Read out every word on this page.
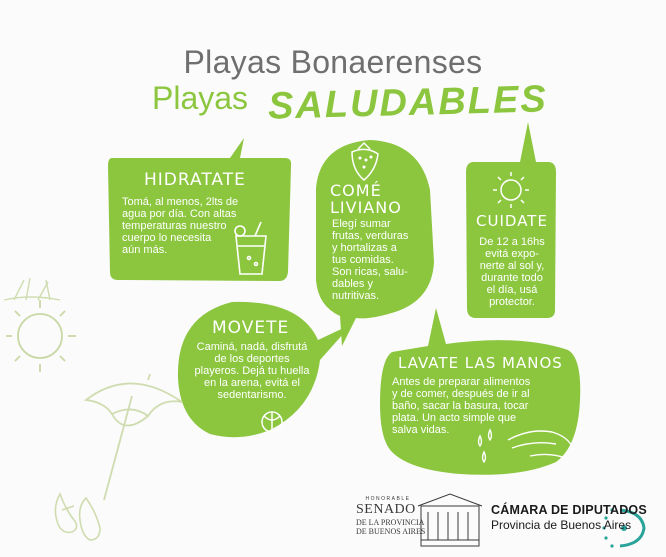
Playas Bonaerenses
Playas SALUDABLES
HIDRATATE
Tomá, al menos, 2lts de
agua por día. Con altas
temperaturas nuestro
cuerpo lo necesita
aún más.
COMÉ
LIVIANO
Elegí sumar
frutas, verduras
y hortalizas a
tus comidas.
Son ricas, salu-
dables y
nutritivas.
CUIDATE
De 12 a 16hs
evitá expo-
nerte al sol y,
durante todo
el día, usá
protector.
MOVETE
Caminá, nadá, disfrutá
de los deportes
playeros. Dejá tu huella
en la arena, evitá el
sedentarismo.
LAVATE LAS MANOS
Antes de preparar alimentos
y de comer, después de ir al
baño, sacar la basura, tocar
plata. Un acto simple que
salva vidas.
HONORABLE
SENADO
DE LA PROVINCIA
DE BUENOS AIRES
CÁMARA DE DIPUTADOS
Provincia de Buenos Aires
